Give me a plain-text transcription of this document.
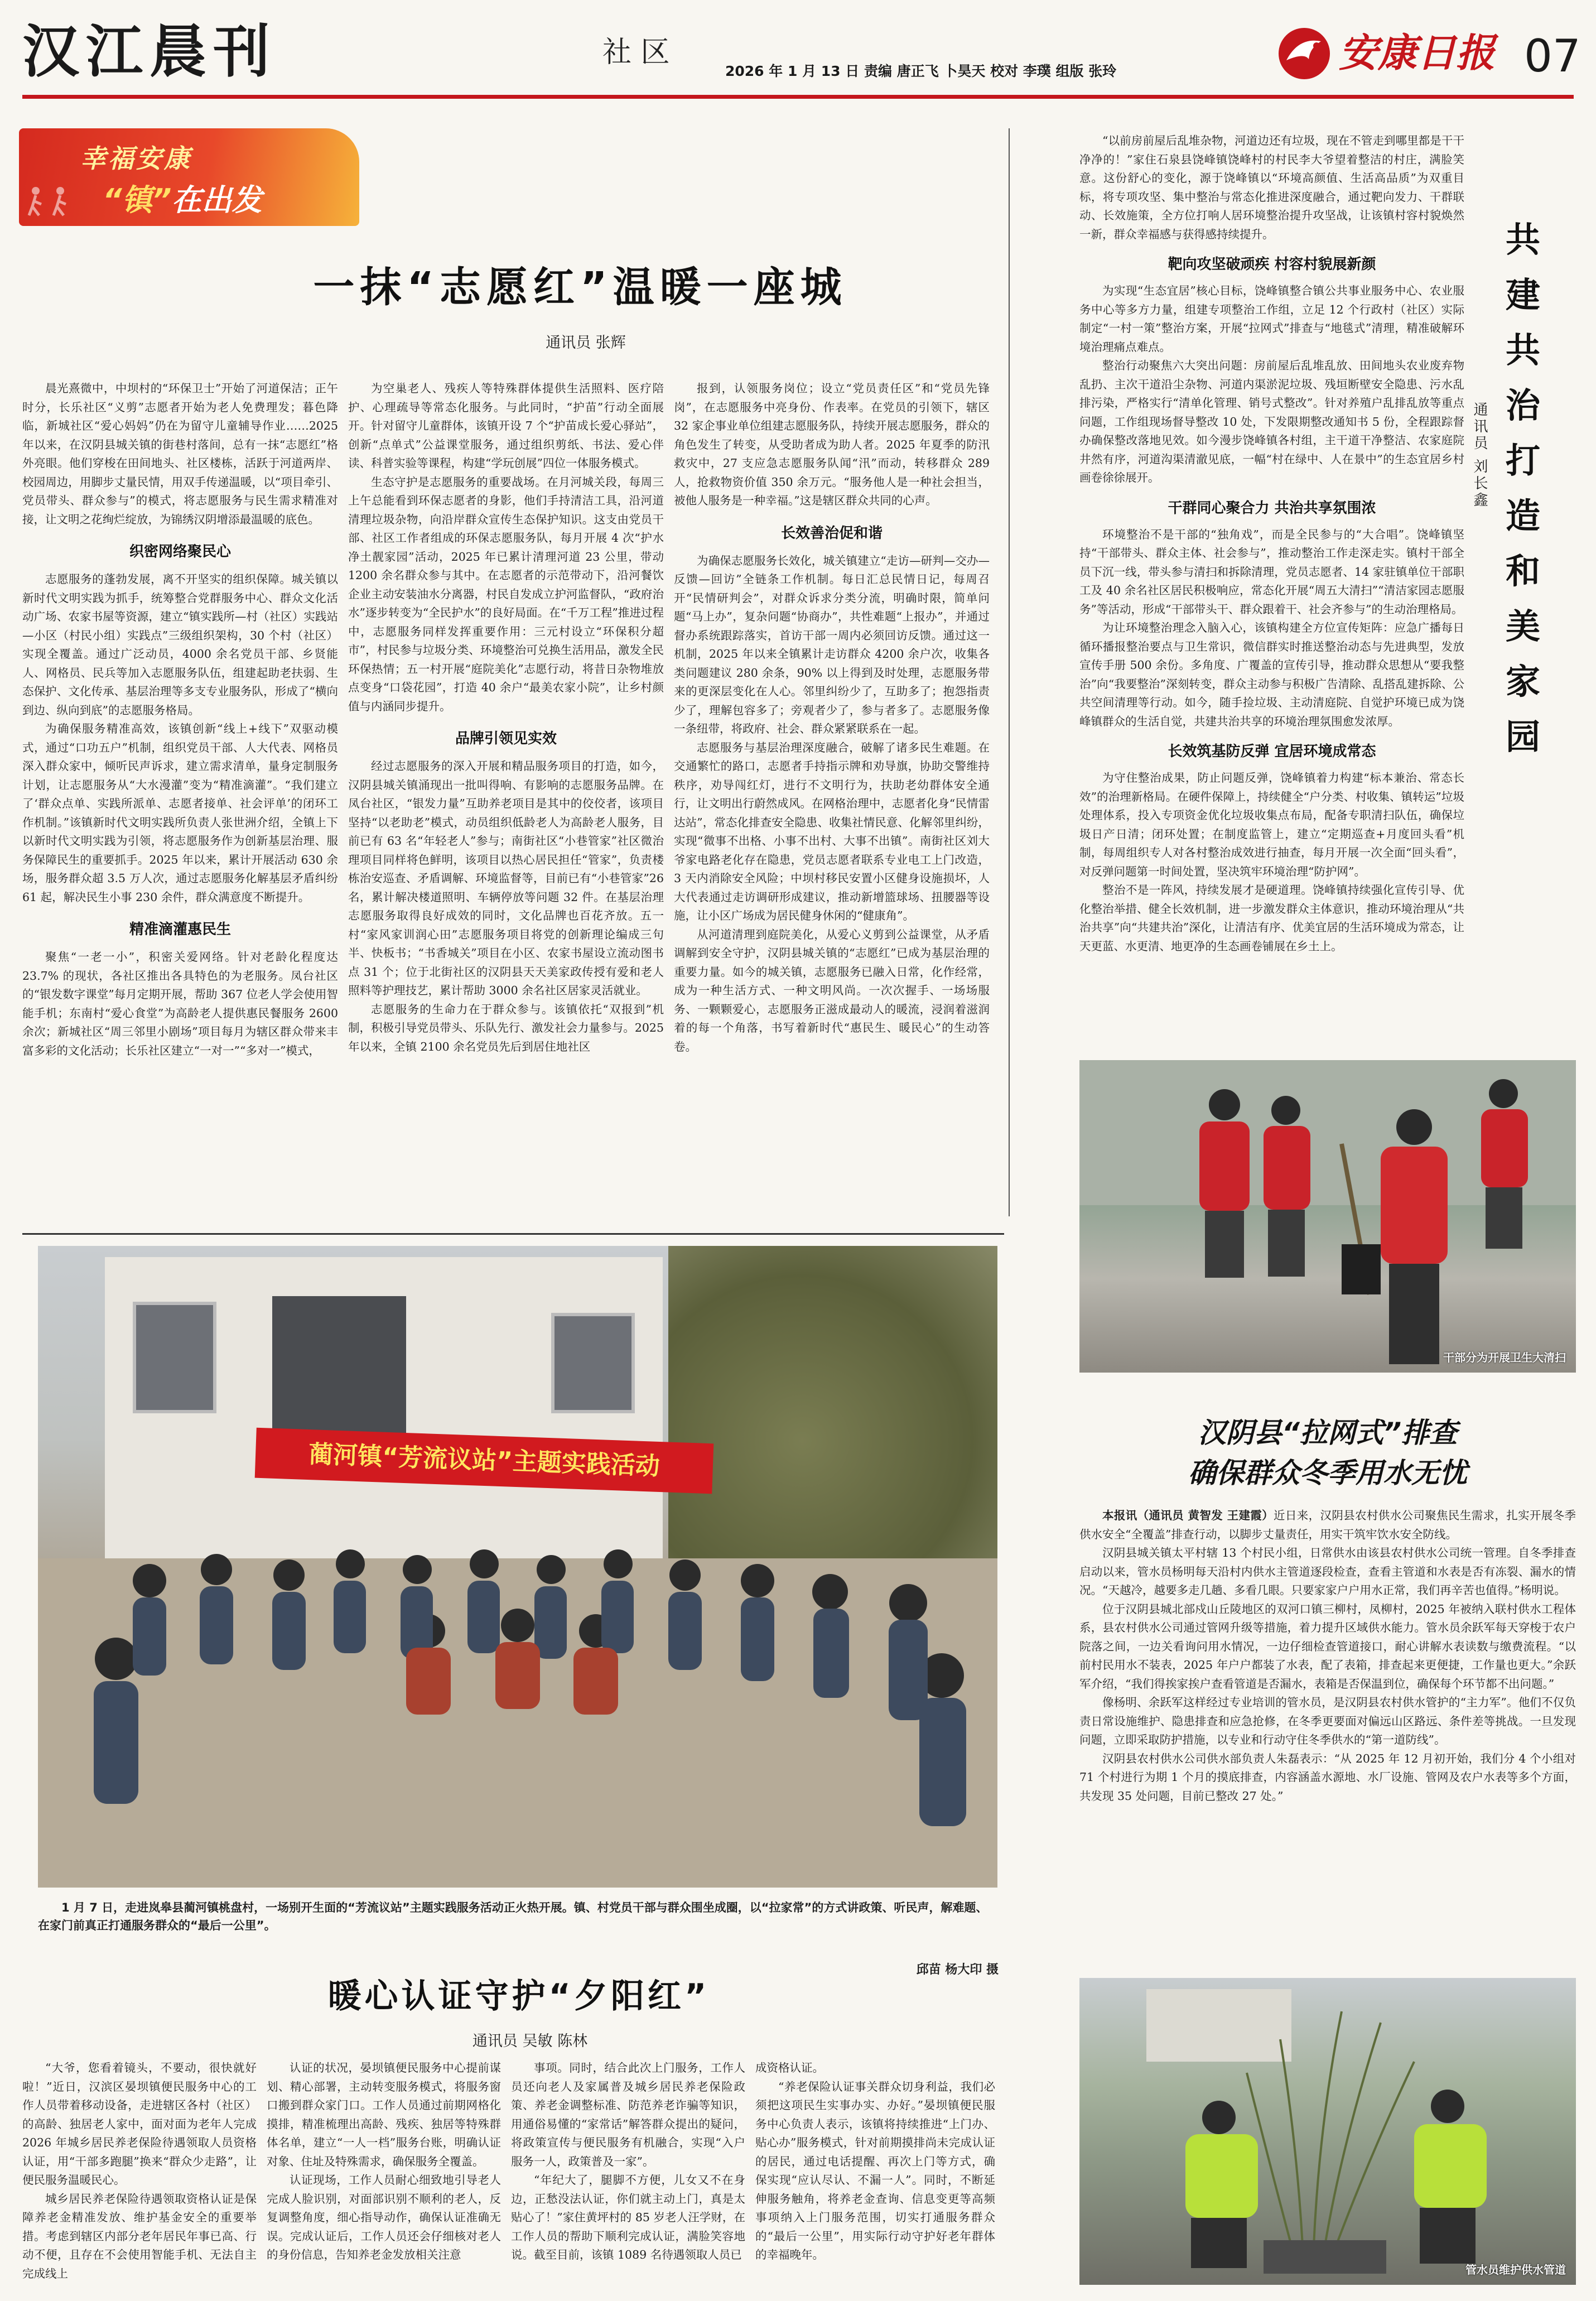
汉江晨刊	社 区
2026 年 1 月 13 日 责编 唐正飞 卜昊天 校对 李璞 组版 张玲	安康日报 07
幸福安康
“镇”在出发
一抹“志愿红”温暖一座城
通讯员 张辉

晨光熹微中，中坝村的“环保卫士”开始了河道保洁；正午时分，长乐社区“义剪”志愿者开始为老人免费理发；暮色降临，新城社区“爱心妈妈”仍在为留守儿童辅导作业……2025 年以来，在汉阴县城关镇的街巷村落间，总有一抹“志愿红”格外亮眼。他们穿梭在田间地头、社区楼栋，活跃于河道两岸、校园周边，用脚步丈量民情，用双手传递温暖，以“项目牵引、党员带头、群众参与”的模式，将志愿服务与民生需求精准对接，让文明之花绚烂绽放，为锦绣汉阴增添最温暖的底色。

织密网络聚民心

志愿服务的蓬勃发展，离不开坚实的组织保障。城关镇以新时代文明实践为抓手，统筹整合党群服务中心、群众文化活动广场、农家书屋等资源，建立“镇实践所—村（社区）实践站—小区（村民小组）实践点”三级组织架构，30 个村（社区）实现全覆盖。通过广泛动员，4000 余名党员干部、乡贤能人、网格员、民兵等加入志愿服务队伍，组建起助老扶弱、生态保护、文化传承、基层治理等多支专业服务队，形成了“横向到边、纵向到底”的志愿服务格局。

为确保服务精准高效，该镇创新“线上+线下”双驱动模式，通过“口功五户”机制，组织党员干部、人大代表、网格员深入群众家中，倾听民声诉求，建立需求清单，量身定制服务计划，让志愿服务从“大水漫灌”变为“精准滴灌”。“我们建立了‘群众点单、实践所派单、志愿者接单、社会评单’的闭环工作机制。”该镇新时代文明实践所负责人张世洲介绍，全镇上下以新时代文明实践为引领，将志愿服务作为创新基层治理、服务保障民生的重要抓手。2025 年以来，累计开展活动 630 余场，服务群众超 3.5 万人次，通过志愿服务化解基层矛盾纠纷 61 起，解决民生小事 230 余件，群众满意度不断提升。

精准滴灌惠民生

聚焦“一老一小”，积密关爱网络。针对老龄化程度达 23.7% 的现状，各社区推出各具特色的为老服务。凤台社区的“银发数字课堂”每月定期开展，帮助 367 位老人学会使用智能手机；东南村“爱心食堂”为高龄老人提供惠民餐服务 2600 余次；新城社区“周三邻里小剧场”项目每月为辖区群众带来丰富多彩的文化活动；长乐社区建立“一对一”“多对一”模式，

为空巢老人、残疾人等特殊群体提供生活照料、医疗陪护、心理疏导等常态化服务。与此同时，“护苗”行动全面展开。针对留守儿童群体，该镇开设 7 个“护苗成长爱心驿站”，创新“点单式”公益课堂服务，通过组织剪纸、书法、爱心伴读、科普实验等课程，构建“学玩创展”四位一体服务模式。

生态守护是志愿服务的重要战场。在月河城关段，每周三上午总能看到环保志愿者的身影，他们手持清洁工具，沿河道清理垃圾杂物，向沿岸群众宣传生态保护知识。这支由党员干部、社区工作者组成的环保志愿服务队，每月开展 4 次“护水净土靓家园”活动，2025 年已累计清理河道 23 公里，带动 1200 余名群众参与其中。在志愿者的示范带动下，沿河餐饮企业主动安装油水分离器，村民自发成立护河监督队，“政府治水”逐步转变为“全民护水”的良好局面。在“千万工程”推进过程中，志愿服务同样发挥重要作用：三元村设立“环保积分超市”，村民参与垃圾分类、环境整治可兑换生活用品，激发全民环保热情；五一村开展“庭院美化”志愿行动，将昔日杂物堆放点变身“口袋花园”，打造 40 余户“最美农家小院”，让乡村颜值与内涵同步提升。

品牌引领见实效

经过志愿服务的深入开展和精品服务项目的打造，如今，汉阴县城关镇涌现出一批叫得响、有影响的志愿服务品牌。在凤台社区，“银发力量”互助养老项目是其中的佼佼者，该项目坚持“以老助老”模式，动员组织低龄老人为高龄老人服务，目前已有 63 名“年轻老人”参与；南街社区“小巷管家”社区微治理项目同样将色鲜明，该项目以热心居民担任“管家”，负责楼栋治安巡查、矛盾调解、环境监督等，目前已有“小巷管家”26 名，累计解决楼道照明、车辆停放等问题 32 件。在基层治理志愿服务取得良好成效的同时，文化品牌也百花齐放。五一村“家风家训润心田”志愿服务项目将党的创新理论编成三句半、快板书；“书香城关”项目在小区、农家书屋设立流动图书点 31 个；位于北街社区的汉阴县天天美家政传授有爱和老人照料等护理技艺，累计帮助 3000 余名社区居家灵活就业。

志愿服务的生命力在于群众参与。该镇依托“双报到”机制，积极引导党员带头、乐队先行、激发社会力量参与。2025 年以来，全镇 2100 余名党员先后到居住地社区

报到，认领服务岗位；设立“党员责任区”和“党员先锋岗”，在志愿服务中亮身份、作表率。在党员的引领下，辖区 32 家企事业单位组建志愿服务队，持续开展志愿服务，群众的角色发生了转变，从受助者成为助人者。2025 年夏季的防汛救灾中，27 支应急志愿服务队闻“汛”而动，转移群众 289 人，抢救物资价值 350 余万元。“服务他人是一种社会担当，被他人服务是一种幸福。”这是辖区群众共同的心声。

长效善治促和谐

为确保志愿服务长效化，城关镇建立“走访—研判—交办—反馈—回访”全链条工作机制。每日汇总民情日记，每周召开“民情研判会”，对群众诉求分类分流，明确时限，简单问题“马上办”，复杂问题“协商办”，共性难题“上报办”，并通过督办系统跟踪落实，首访干部一周内必须回访反馈。通过这一机制，2025 年以来全镇累计走访群众 4200 余户次，收集各类问题建议 280 余条，90% 以上得到及时处理，志愿服务带来的更深层变化在人心。邻里纠纷少了，互助多了；抱怨指责少了，理解包容多了；旁观者少了，参与者多了。志愿服务像一条纽带，将政府、社会、群众紧紧联系在一起。

志愿服务与基层治理深度融合，破解了诸多民生难题。在交通繁忙的路口，志愿者手持指示牌和劝导旗，协助交警维持秩序，劝导闯红灯，进行不文明行为，扶助老幼群体安全通行，让文明出行蔚然成风。在网格治理中，志愿者化身“民情雷达站”，常态化排查安全隐患、收集社情民意、化解邻里纠纷，实现“微事不出格、小事不出村、大事不出镇”。南街社区刘大爷家电路老化存在隐患，党员志愿者联系专业电工上门改造，3 天内消除安全风险；中坝村移民安置小区健身设施损坏，人大代表通过走访调研形成建议，推动新增篮球场、扭腰器等设施，让小区广场成为居民健身休闲的“健康角”。

从河道清理到庭院美化，从爱心义剪到公益课堂，从矛盾调解到安全守护，汉阴县城关镇的“志愿红”已成为基层治理的重要力量。如今的城关镇，志愿服务已融入日常，化作经常，成为一种生活方式、一种文明风尚。一次次握手、一场场服务、一颗颗爱心，志愿服务正滋成最动人的暖流，浸润着滋润着的每一个角落，书写着新时代“惠民生、暖民心”的生动答卷。

蔺河镇“芳流议站”主题实践活动
1 月 7 日，走进岚皋县蔺河镇桃盘村，一场别开生面的“芳流议站”主题实践服务活动正火热开展。镇、村党员干部与群众围坐成圈，以“拉家常”的方式讲政策、听民声，解难题、在家门前真正打通服务群众的“最后一公里”。
邱苗 杨大印 摄
暖心认证守护“夕阳红”
通讯员 吴敏 陈林

“大爷，您看着镜头，不要动，很快就好啦！”近日，汉滨区晏坝镇便民服务中心的工作人员带着移动设备，走进辖区各村（社区）的高龄、独居老人家中，面对面为老年人完成 2026 年城乡居民养老保险待遇领取人员资格认证，用“干部多跑腿”换来“群众少走路”，让便民服务温暖民心。

城乡居民养老保险待遇领取资格认证是保障养老金精准发放、维护基金安全的重要举措。考虑到辖区内部分老年居民年事已高、行动不便，且存在不会使用智能手机、无法自主完成线上

认证的状况，晏坝镇便民服务中心提前谋划、精心部署，主动转变服务模式，将服务窗口搬到群众家门口。工作人员通过前期网格化摸排，精准梳理出高龄、残疾、独居等特殊群体名单，建立“一人一档”服务台账，明确认证对象、住址及特殊需求，确保服务全覆盖。

认证现场，工作人员耐心细致地引导老人完成人脸识别，对面部识别不顺利的老人，反复调整角度，细心指导动作，确保认证准确无误。完成认证后，工作人员还会仔细核对老人的身份信息，告知养老金发放相关注意

事项。同时，结合此次上门服务，工作人员还向老人及家属普及城乡居民养老保险政策、养老金调整标准、防范养老诈骗等知识，用通俗易懂的“家常话”解答群众提出的疑问，将政策宣传与便民服务有机融合，实现“入户服务一人，政策普及一家”。

“年纪大了，腿脚不方便，儿女又不在身边，正愁没法认证，你们就主动上门，真是太贴心了！”家住黄坪村的 85 岁老人汪学财，在工作人员的帮助下顺利完成认证，满脸笑容地说。截至目前，该镇 1089 名待遇领取人员已

成资格认证。

“养老保险认证事关群众切身利益，我们必须把这项民生实事办实、办好。”晏坝镇便民服务中心负责人表示，该镇将持续推进“上门办、贴心办”服务模式，针对前期摸排尚未完成认证的居民，通过电话提醒、再次上门等方式，确保实现“应认尽认、不漏一人”。同时，不断延伸服务触角，将养老金查询、信息变更等高频事项纳入上门服务范围，切实打通服务群众的“最后一公里”，用实际行动守护好老年群体的幸福晚年。

“以前房前屋后乱堆杂物，河道边还有垃圾，现在不管走到哪里都是干干净净的！”家住石泉县饶峰镇饶峰村的村民李大爷望着整洁的村庄，满脸笑意。这份舒心的变化，源于饶峰镇以“环境高颜值、生活高品质”为双重目标，将专项攻坚、集中整治与常态化推进深度融合，通过靶向发力、干群联动、长效施策，全方位打响人居环境整治提升攻坚战，让该镇村容村貌焕然一新，群众幸福感与获得感持续提升。

靶向攻坚破顽疾 村容村貌展新颜

为实现“生态宜居”核心目标，饶峰镇整合镇公共事业服务中心、农业服务中心等多方力量，组建专项整治工作组，立足 12 个行政村（社区）实际制定“一村一策”整治方案，开展“拉网式”排查与“地毯式”清理，精准破解环境治理痛点难点。

整治行动聚焦六大突出问题：房前屋后乱堆乱放、田间地头农业废弃物乱扔、主次干道沿尘杂物、河道内渠淤泥垃圾、残垣断壁安全隐患、污水乱排污染，严格实行“清单化管理、销号式整改”。针对养殖户乱排乱放等重点问题，工作组现场督导整改 10 处，下发限期整改通知书 5 份，全程跟踪督办确保整改落地见效。如今漫步饶峰镇各村组，主干道干净整洁、农家庭院井然有序，河道沟渠清澈见底，一幅“村在绿中、人在景中”的生态宜居乡村画卷徐徐展开。

干群同心聚合力 共治共享氛围浓

环境整治不是干部的“独角戏”，而是全民参与的“大合唱”。饶峰镇坚持“干部带头、群众主体、社会参与”，推动整治工作走深走实。镇村干部全员下沉一线，带头参与清扫和拆除清理，党员志愿者、14 家驻镇单位干部职工及 40 余名社区居民积极响应，常态化开展“周五大清扫”“清洁家园志愿服务”等活动，形成“干部带头干、群众跟着干、社会齐参与”的生动治理格局。

为让环境整治理念入脑入心，该镇构建全方位宣传矩阵：应急广播每日循环播报整治要点与卫生常识，微信群实时推送整治动态与先进典型，发放宣传手册 500 余份。多角度、广覆盖的宣传引导，推动群众思想从“要我整治”向“我要整治”深刻转变，群众主动参与积极广告清除、乱搭乱建拆除、公共空间清理等行动。如今，随手捡垃圾、主动清庭院、自觉护环境已成为饶峰镇群众的生活自觉，共建共治共享的环境治理氛围愈发浓厚。

长效筑基防反弹 宜居环境成常态

为守住整治成果，防止问题反弹，饶峰镇着力构建“标本兼治、常态长效”的治理新格局。在硬件保障上，持续健全“户分类、村收集、镇转运”垃圾处理体系，投入专项资金优化垃圾收集点布局，配备专职清扫队伍，确保垃圾日产日清；闭环处置；在制度监管上，建立“定期巡查+月度回头看”机制，每周组织专人对各村整治成效进行抽查，每月开展一次全面“回头看”，对反弹问题第一时间处置，坚决筑牢环境治理“防护网”。

整治不是一阵风，持续发展才是硬道理。饶峰镇持续强化宣传引导、优化整治举措、健全长效机制，进一步激发群众主体意识，推动环境治理从“共治共享”向“共建共治”深化，让清洁有序、优美宜居的生活环境成为常态，让天更蓝、水更清、地更净的生态画卷铺展在乡土上。

共
建
共
治
打
造
和
美
家
园
通讯员 刘长鑫
干部分为开展卫生大清扫
汉阴县“拉网式”排查
确保群众冬季用水无忧

本报讯（通讯员 黄智发 王建霞）近日来，汉阴县农村供水公司聚焦民生需求，扎实开展冬季供水安全“全覆盖”排查行动，以脚步丈量责任，用实干筑牢饮水安全防线。

汉阴县城关镇太平村辖 13 个村民小组，日常供水由该县农村供水公司统一管理。自冬季排查启动以来，管水员杨明每天沿村内供水主管道逐段检查，查看主管道和水表是否有冻裂、漏水的情况。“天越冷，越要多走几趟、多看几眼。只要家家户户用水正常，我们再辛苦也值得。”杨明说。

位于汉阴县城北部戍山丘陵地区的双河口镇三柳村，凤柳村，2025 年被纳入联村供水工程体系，县农村供水公司通过管网升级等措施，着力提升区域供水能力。管水员余跃军每天穿梭于农户院落之间，一边关看询问用水情况，一边仔细检查管道接口，耐心讲解水表读数与缴费流程。“以前村民用水不装表，2025 年户户都装了水表，配了表箱，排查起来更便捷，工作量也更大。”余跃军介绍，“我们得挨家挨户查看管道是否漏水，表箱是否保温到位，确保每个环节都不出问题。”

像杨明、余跃军这样经过专业培训的管水员，是汉阴县农村供水管护的“主力军”。他们不仅负责日常设施维护、隐患排查和应急抢修，在冬季更要面对偏远山区路远、条件差等挑战。一旦发现问题，立即采取防护措施，以专业和行动守住冬季供水的“第一道防线”。

汉阴县农村供水公司供水部负责人朱磊表示：“从 2025 年 12 月初开始，我们分 4 个小组对 71 个村进行为期 1 个月的摸底排查，内容涵盖水源地、水厂设施、管网及农户水表等多个方面，共发现 35 处问题，目前已整改 27 处。”

管水员维护供水管道
